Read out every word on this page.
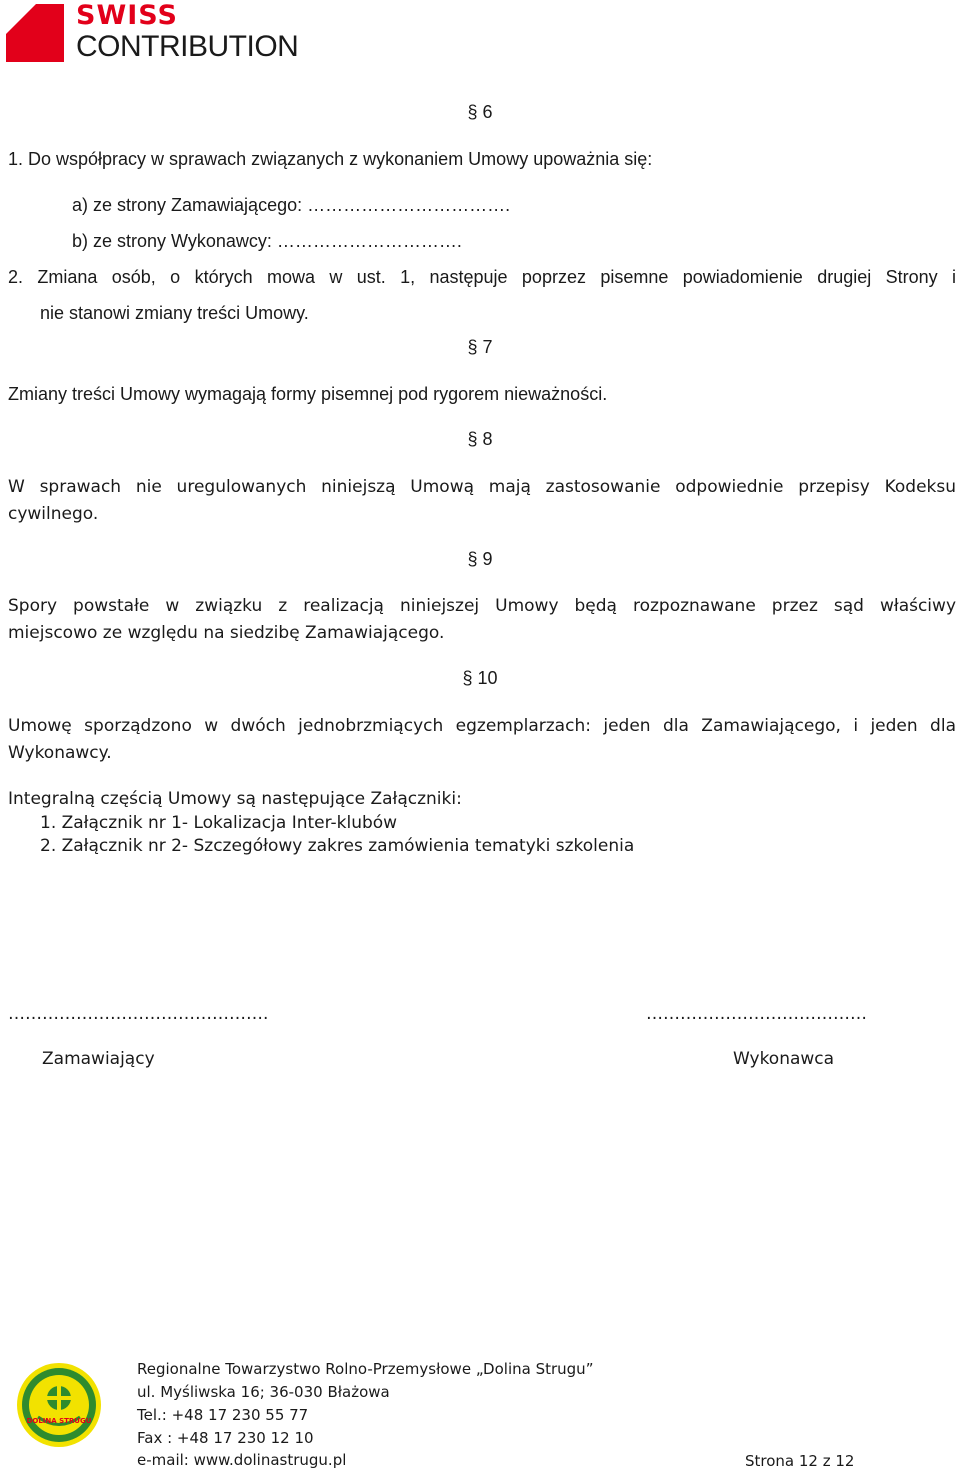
SWISS
CONTRIBUTION
§ 6
1. Do współpracy w sprawach związanych z wykonaniem Umowy upoważnia się:
a) ze strony Zamawiającego: …………………………….
b) ze strony Wykonawcy: ………………………….
2. Zmiana osób, o których mowa w ust. 1, następuje poprzez pisemne powiadomienie drugiej Strony i
nie stanowi zmiany treści Umowy.
§ 7
Zmiany treści Umowy wymagają formy pisemnej pod rygorem nieważności.
§ 8
W sprawach nie uregulowanych niniejszą Umową mają zastosowanie odpowiednie przepisy Kodeksu
cywilnego.
§ 9
Spory powstałe w związku z realizacją niniejszej Umowy będą rozpoznawane przez sąd właściwy
miejscowo ze względu na siedzibę Zamawiającego.
§ 10
Umowę sporządzono w dwóch jednobrzmiących egzemplarzach: jeden dla Zamawiającego, i jeden dla
Wykonawcy.
Integralną częścią Umowy są następujące Załączniki:
1. Załącznik nr 1- Lokalizacja Inter-klubów
2. Załącznik nr 2- Szczegółowy zakres zamówienia tematyki szkolenia
……………………………………….	…………………………………
Zamawiający	Wykonawca
DOLINA STRUGU
Regionalne Towarzystwo Rolno-Przemysłowe „Dolina Strugu”
ul. Myśliwska 16; 36-030 Błażowa
Tel.: +48 17 230 55 77
Fax : +48 17 230 12 10
e-mail: www.dolinastrugu.pl	Strona 12 z 12
